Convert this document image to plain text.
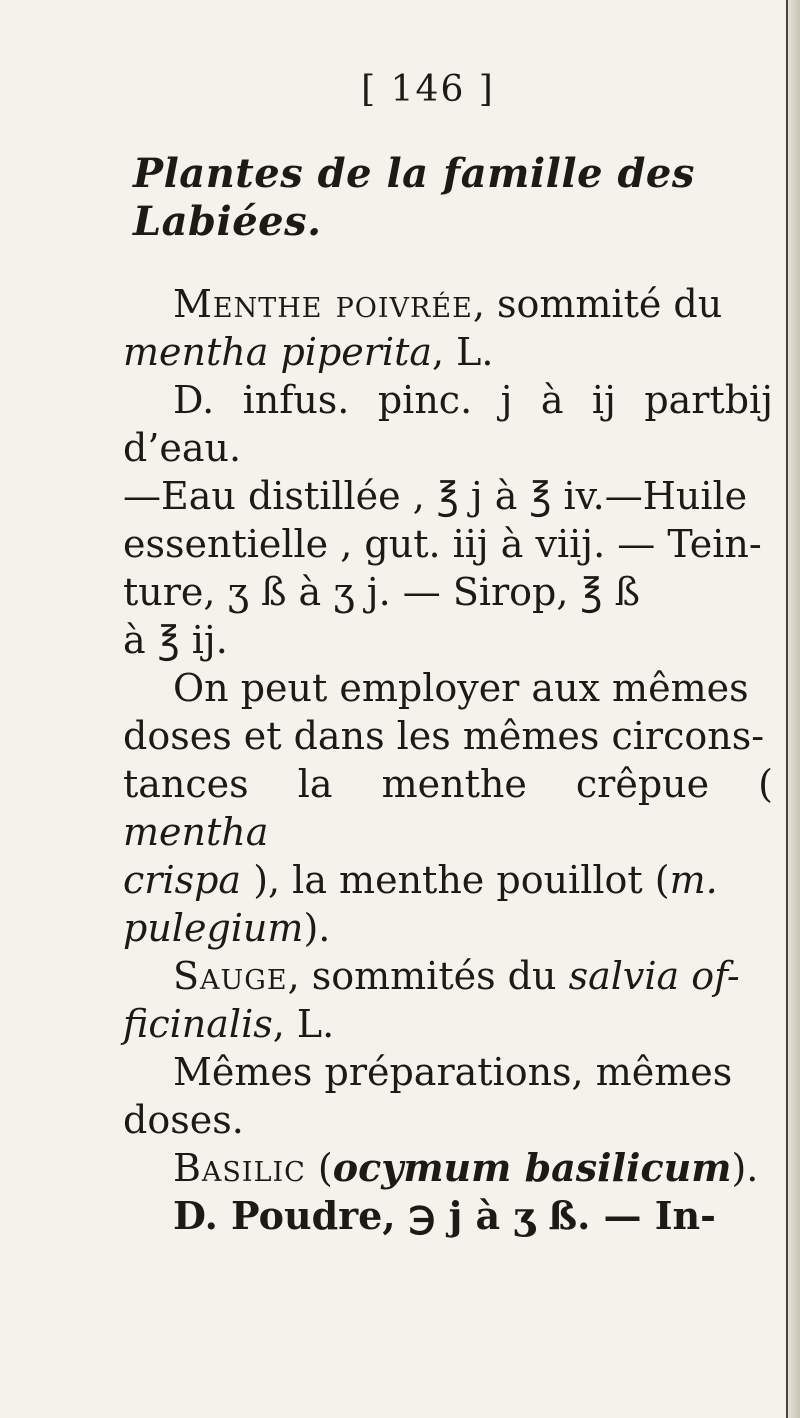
[ 146 ]
Plantes de la famille des Labiées.

Menthe poivrée, sommité du

mentha piperita, L.

D. infus. pinc. j à ij partbij d’eau.

—Eau distillée , ℥ j à ℥ iv.—Huile

essentielle , gut. iij à viij. — Tein-

ture, ʒ ß à ʒ j. — Sirop, ℥ ß

à ℥ ij.

On peut employer aux mêmes

doses et dans les mêmes circons-

tances la menthe crêpue ( mentha

crispa ), la menthe pouillot (m.

pulegium).

Sauge, sommités du salvia of-

ficinalis, L.

Mêmes préparations, mêmes

doses.

Basilic (ocymum basilicum).

D. Poudre, ℈ j à ʒ ß. — In-
